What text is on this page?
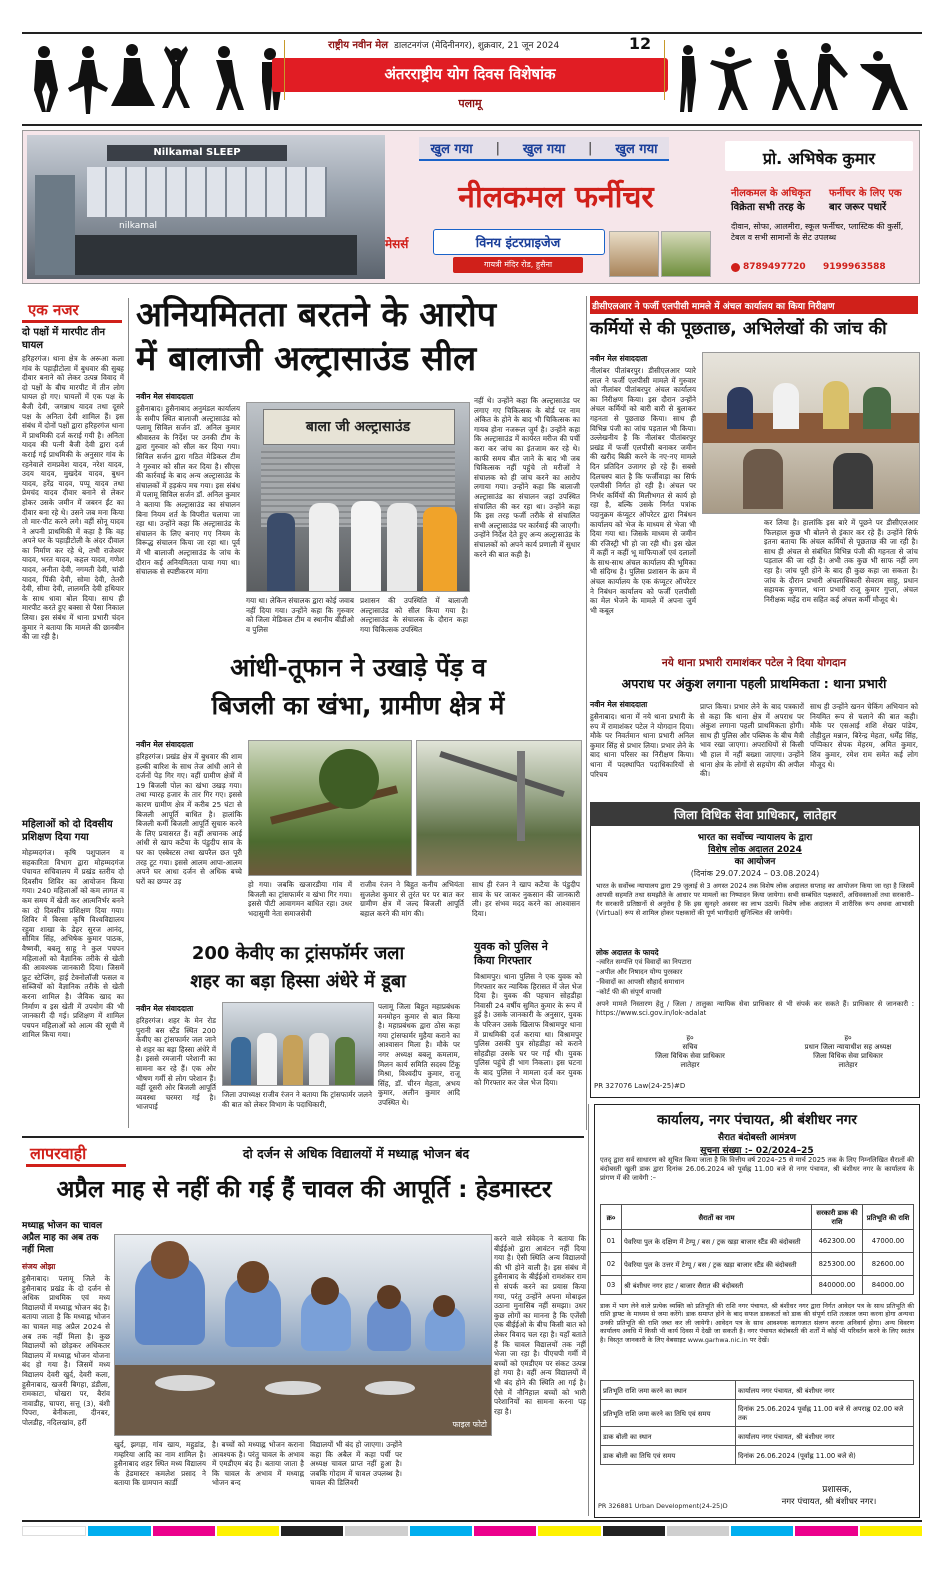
राष्ट्रीय नवीन मेल डालटनगंज (मेदिनीनगर), शुक्रवार, 21 जून 2024	12
अंतरराष्ट्रीय योग दिवस विशेषांक
पलामू
Nilkamal SLEEP
nilkamal
खुल गया | खुल गया | खुल गया
नीलकमल फर्नीचर
मेसर्स	विनय इंटरप्राइजेज
गायत्री मंदिर रोड, हुसैना
प्रो. अभिषेक कुमार
नीलकमल के अधिकृत
विक्रेता सभी तरह के
फर्नीचर के लिए एक
बार जरूर पधारें
दीवान, सोफा, आलमीरा, स्कूल फर्नीचर, प्लास्टिक की कुर्सी, टेबल व सभी सामानों के सेट उपलब्ध
8789497720	9199963588
एक नजर
दो पक्षों में मारपीट तीन घायल
हरिहरगंज। थाना क्षेत्र के अरूआ कला गांव के पहाड़ीटोला में बुधवार की सुबह दीवार बनाने को लेकर उत्पन्न विवाद में दो पक्षों के बीच मारपीट में तीन लोग घायल हो गए। घायलों में एक पक्ष के बैजी देवी, जगन्नाथ यादव तथा दूसरे पक्ष के अनिता देवी शामिल हैं। इस संबंध में दोनों पक्षों द्वारा हरिहरगंज थाना में प्राथमिकी दर्ज कराई गयी है। अनिता यादव की पत्नी बैजी देवी द्वारा दर्ज कराई गई प्राथमिकी के अनुसार गांव के रहनेवाले रामप्रवेश यादव, नरेश यादव, उदय यादव, मुखदेव यादव, बुधन यादव, हरेंद्र यादव, पप्पू यादव तथा प्रेमचंद यादव दीवार बनाने से लेकर होकर उसके जमीन में जबरन ईंट का दीवार बना रहे थे। उसने जब मना किया तो मार-पीट करने लगे। वहीं सोनू यादव ने अपनी प्राथमिकी में कहा है कि वह अपने घर के पहाड़ीटोली के अंदर दीवाल का निर्माण कर रहे थे, तभी राजेश्वर यादव, भरत यादव, कहल यादव, गणेश यादव, अनीता देवी, नगमती देवी, चांदी यादव, पिंकी देवी, सोमा देवी, तेतरी देवी, सीमा देवी, लालमति देवी हथियार के साथ धावा बोल दिया। साथ ही मारपीट करते हुए बक्सा से पैसा निकाल लिया। इस संबंध में थाना प्रभारी चंदन कुमार ने बताया कि मामले की छानबीन की जा रही है।
महिलाओं को दो दिवसीय प्रशिक्षण दिया गया
मोहम्मदगंज। कृषि पशुपालन व सहकारिता विभाग द्वारा मोहम्मदगंज पंचायत सचिवालय में प्रखंड स्तरीय दो दिवसीय शिविर का आयोजन किया गया। 240 महिलाओं को कम लागत व कम समय में खेती कर आत्मनिर्भर बनने का दो दिवसीय प्रशिक्षण दिया गया। शिविर में बिरसा कृषि विश्वविद्यालय रहुवा शाखा के डेहर सुरज आनंद, सौमित्र सिंह, अभिषेक कुमार पाठक, वैष्णवी, बबलू साहू ने कुल पचपन महिलाओं को वैज्ञानिक तरीके से खेती की आवश्यक जानकारी दिया। जिसमें फ्रूट स्टेप्लिंग, हाई टेक्नोलॉजी फसल व सब्जियों को वैज्ञानिक तरीके से खेती करना शामिल है। जैविक खाद का निर्माण व इस खेती में उपयोग की भी जानकारी दी गई। प्रशिक्षण में शामिल पचपन महिलाओं को आत्म की सूची में शामिल किया गया।
अनियमितता बरतने के आरोप
में बालाजी अल्ट्रासाउंड सील
नवीन मेल संवाददाता
हुसैनाबाद। हुसैनाबाद अनुमंडल कार्यालय के समीप स्थित बालाजी अल्ट्रासाउंड को पलामू सिविल सर्जन डॉ. अनिल कुमार श्रीवास्तव के निर्देश पर उनकी टीम के द्वारा गुरुवार को सील कर दिया गया। सिविल सर्जन द्वारा गठित मेडिकल टीम ने गुरुवार को सील कर दिया है। सीएस की कार्रवाई के बाद अन्य अल्ट्रासाउंड के संचालकों में हड़कंप मच गया। इस संबंध में पलामू सिविल सर्जन डॉ. अनिल कुमार ने बताया कि अल्ट्रासाउंड का संचालन बिना नियम शर्त के विपरीत चलाया जा रहा था। उन्होंने कहा कि अल्ट्रासाउंड के संचालन के लिए बनाए गए नियम के विरूद्ध संचालन किया जा रहा था। पूर्व में भी बालाजी अल्ट्रासाउंड के जांच के दौरान कई अनियमितता पाया गया था। संचालक से स्पष्टीकरण मांगा
बाला जी अल्ट्रासाउंड
गया था। लेकिन संचालक द्वारा कोई जवाब नहीं दिया गया। उन्होंने कहा कि गुरुवार को जिला मेडिकल टीम व स्थानीय बीडीओ व पुलिस
प्रशासन की उपस्थिति में बालाजी अल्ट्रासाउंड को सील किया गया है। अल्ट्रासाउंड के संचालक के दौरान कहा गया चिकित्सक उपस्थित
नहीं थे। उन्होंने कहा कि अल्ट्रासाउंड पर लगाए गए चिकित्सक के बोर्ड पर नाम अंकित के होने के बाद भी चिकित्सक का गायब होना नजरूल जुर्म है। उन्होंने कहा कि अल्ट्रासाउंड में कार्यरत मरीज की पर्ची करा कर जांच का इंतजाम कर रहे थे। काफी समय बीत जाने के बाद भी जब चिकित्सक नहीं पहुंचे तो मरीजों ने संचालक को ही जांच करने का आरोप लगाया गया। उन्होंने कहा कि बालाजी अल्ट्रासाउंड का संचालन जहां उपस्थित संचालित की कर रहा था। उन्होंने कहा कि इस तरह फर्जी तरीके से संचालित सभी अल्ट्रासाउंड पर कार्रवाई की जाएगी। उन्होंने निर्देश देते हुए अन्य अल्ट्रासाउंड के संचालकों को अपने कार्य प्रणाली में सुधार करने की बात कही है।
डीसीएलआर ने फर्जी एलपीसी मामले में अंचल कार्यालय का किया निरीक्षण
कर्मियों से की पूछताछ, अभिलेखों की जांच की
नवीन मेल संवाददाता
नीलांबर पीतांबरपुर। डीसीएलआर प्यारे लाल ने फर्जी एलपीसी मामले में गुरुवार को नीलांबर पीतांबरपुर अंचल कार्यालय का निरीक्षण किया। इस दौरान उन्होंने अंचल कर्मियों को बारी बारी से बुलाकर गहनता से पूछताछ किया। साथ ही विभिन्न पंजी का जांच पड़ताल भी किया। उल्लेखनीय है कि नीलांबर पीतांबरपुर प्रखंड में फर्जी एलपीसी बनाकर जमीन की खरीद बिक्री करने के नए-नए मामले दिन प्रतिदिन उजागर हो रहे हैं। सबसे दिलचस्प बात है कि फर्जीवाड़ा का सिर्फ एलपीसी निर्गत हो रही है। अंचल पर निर्भर कर्मियों की मिलीभगत से कार्य हो रहा है, बल्कि उसके निर्गत पत्रांक पदानुक्रम कंप्यूटर ऑपरेटर द्वारा निबंधन कार्यालय को भेज के माध्यम से भेजा भी दिया गया था। जिसके माध्यम से जमीन की रजिस्ट्री भी हो जा रही थी। इस खेल में कहीं न कहीं भू माफियाओं एवं दलालों के साथ-साथ अंचल कार्यालय की भूमिका भी संदिग्ध है। पुलिस प्रशासन के क्रम में अंचल कार्यालय के एक कंप्यूटर ऑपरेटर ने निबंधन कार्यालय को फर्जी एलपीसी का मेल भेजने के मामले में अपना जुर्म भी कबूल
कर लिया है। हालांकि इस बारे में पूछने पर डीसीएलआर फिलहाल कुछ भी बोलने से इंकार कर रहे हैं। उन्होंने सिर्फ इतना बताया कि अंचल कर्मियों से पूछताछ की जा रही है। साथ ही अंचल से संबंधित विभिन्न पंजी की गहनता से जांच पड़ताल की जा रही है। अभी तक कुछ भी साफ नहीं लग रहा है। जांच पूरी होने के बाद ही कुछ कहा जा सकता है। जांच के दौरान प्रभारी अंचलाधिकारी सेवराम साहू, प्रधान सहायक कुणाल, थाना प्रभारी राजू कुमार गुप्ता, अंचल निरीक्षक महेंद्र राम सहित कई अंचल कर्मी मौजूद थे।
नये थाना प्रभारी रामाशंकर पटेल ने दिया योगदान
अपराध पर अंकुश लगाना पहली प्राथमिकता : थाना प्रभारी
नवीन मेल संवाददाता
हुसैनाबाद। थाना में नये थाना प्रभारी के रुप में रामाशंकर पटेल ने योगदान दिया। मौके पर निवर्तमान थाना प्रभारी अनिल कुमार सिंह से प्रभार लिया। प्रभार लेने के बाद थाना परिसर का निरीक्षण किया। थाना में पदस्थापित पदाधिकारियों से परिचय
प्राप्त किया। प्रभार लेने के बाद पत्रकारों से कहा कि थाना क्षेत्र में अपराध पर अंकुश लगाना पहली प्राथमिकता होगी। साथ ही पुलिस और पब्लिक के बीच मैत्री भाव रखा जाएगा। अपराधियों से किसी भी हाल में नहीं बख्शा जाएगा। उन्होंने थाना क्षेत्र के लोगों से सहयोग की अपील की।
साथ ही उन्होंने खनन चेकिंग अभियान को नियमित रूप से चलाने की बात कही। मौके पर एसआई शशि शेखर पांडेय, तौहीदुल मन्नान, बिरेन्द्र मेहता, धर्मेंद्र सिंह, पप्पिकार सेपक मेहरम, अमित कुमार, शिव कुमार, रमेश राम समेत कई लोग मौजूद थे।
आंधी-तूफान ने उखाड़े पेंड़ व
बिजली का खंभा, ग्रामीण क्षेत्र में
नवीन मेल संवाददाता
हरिहरगंज। प्रखंड क्षेत्र में बुधवार की शाम हल्की बारिश के साथ तेज आंधी आने से दर्जनों पेड़ गिर गए। वहीं ग्रामीण क्षेत्रों में 19 बिजली पोल का खंभा उखड़ गया। तथा ग्यारह हजार के तार गिर गए। इससे कारण ग्रामीण क्षेत्र में करीब 25 घंटा से बिजली आपूर्ति बाधित है। हालांकि बिजली कर्मी बिजली आपूर्ति सुचारु करने के लिए प्रयासरत हैं। वहीं अचानक आई आंधी से खाप कटैया के पंडुदीप साव के घर का एस्बेस्टस तथा खपरैल छत पूरी तरह टूट गया। इससे आलम आपा-आलम अपने घर आधा दर्जन से अधिक बच्चे घरों का छप्पर उड़	हो गया। जबकि खजारडीया गांव में बिजली का ट्रांसफार्मर व खंभा गिर गया। इससे पीटी आवागमन बाधित रहा। उधर भदासुमी नेता समाजसेवी
राजीव रंजन ने बिहुत कनीय अभियंता सुजलेश कुमार से तुरंत घर पर बात कर ग्रामीण क्षेत्र में जल्द बिजली आपूर्ति बहाल करने की मांग की।
साथ ही रंजन ने खाप कटैया के पंडुदीप साव के घर जाकर नुकसान की जानकारी ली। हर संभव मदद करने का आश्वासन दिया।
200 केवीए का ट्रांसफॉर्मर जला
शहर का बड़ा हिस्सा अंधेरे में डूबा
नवीन मेल संवाददाता
हरिहरगंज। शहर के मेन रोड पुरानी बस स्टैंड स्थित 200 केवीए का ट्रांसफार्मर जल जाने से शहर का बड़ा हिस्सा अंधेरे में है। इससे रमजानी परेशानी का सामना कर रहे हैं। एक ओर भीषण गर्मी से लोग परेशान हैं। वहीं दूसरी ओर बिजली आपूर्ति व्यवस्था चरमरा गई है। भाजपाई
जिला उपाध्यक्ष राजीव रंजन ने बताया कि ट्रांसफार्मर जलने की बात को लेकर विभाग के पदाधिकारी,
पलामू जिला बिहुत महाप्रबंधक मनमोहन कुमार से बात किया है। महाप्रबंधक द्वारा ठोस कहा गया ट्रांसफार्मर मुहैया कराने का आश्वासन मिला है। मौके पर नगर अध्यक्ष बबलू कमलाम, मिलन कार्य समिति सदस्य टिंकू मिश्रा, विश्वदीप कुमार, राजू सिंह, डॉ. चीरन मेहता, अभय कुमार, अलीन कुमार आदि उपस्थित थे।
युवक को पुलिस ने
किया गिरफ्तार
विश्रामपुर। थाना पुलिस ने एक युवक को गिरफ्तार कर न्यायिक हिरासत में जेल भेज दिया है। युवक की पहचान सोहडीहा निवासी 24 वर्षीय सुमित कुमार के रूप में हुई है। उसके जानकारी के अनुसार, युवक के परिजन उसके खिलाफ विश्रामपुर थाना में प्राथमिकी दर्ज कराया था। विश्रामपुर पुलिस उसकी पुत्र सोहडीहा को कराने सोहडीहा उसके घर पर गई थी। युवक पुलिस पहुंचे ही भाग निकला। इस घटना के बाद पुलिस ने मामला दर्ज कर युवक को गिरफ्तार कर जेल भेज दिया।
जिला विधिक सेवा प्राधिकार, लातेहार
भारत का सर्वोच्च न्यायालय के द्वारा
विशेष लोक अदालत 2024
का आयोजन
(दिनांक 29.07.2024 – 03.08.2024)
भारत के सर्वोच्च न्यायालय द्वारा 29 जुलाई से 3 अगस्त 2024 तक विशेष लोक अदालत सप्ताह का आयोजन किया जा रहा है जिसमें आपसी सहमति तथा समझौते के आधार पर मामलों का निष्पादन किया जायेगा। सभी सम्बंधित पक्षकारों, अधिवक्ताओं तथा सरकारी–गैर सरकारी प्रतिष्ठानों से अनुरोध है कि इस सुनहरे अवसर का लाभ उठायें। विशेष लोक अदालत में शारीरिक रूप अथवा आभासी (Virtual) रूप से शामिल होकर पक्षकारों की पूर्ण भागीदारी सुनिश्चित की जायेगी।
लोक अदालत के फायदे
–त्वरित सम्पत्ति एवं विवादों का निपटारा
–अपील और निषादन योग्य पुरस्कार
–विवादों का आपसी सौहार्द समाधान
–कोर्ट फी की संपूर्ण वापसी
अपने मामले निस्तारण हेतु / जिला / तालुका न्यायिक सेवा प्राधिकार से भी संपर्क कर सकते हैं। प्राधिकार से जानकारी : https://www.sci.gov.in/lok-adalat
ह०
सचिव
जिला विधिक सेवा प्राधिकार
लातेहार
ह०
प्रधान जिला न्यायाधीश सह अध्यक्ष
जिला विधिक सेवा प्राधिकार
लातेहार
PR 327076 Law(24-25)#D
लापरवाही	दो दर्जन से अधिक विद्यालयों में मध्याह्न भोजन बंद
अप्रैल माह से नहीं की गई हैं चावल की आपूर्ति : हेडमास्टर
मध्याह्न भोजन का चावल अप्रैल माह का अब तक नहीं मिला
संजय ओझा
हुसैनाबाद। पलामू जिले के हुसैनाबाद प्रखंड के दो दर्जन से अधिक प्राथमिक एवं मध्य विद्यालयों में मध्याह्न भोजन बंद है। बताया जाता है कि मध्याह्न भोजन का चावल माह अप्रैल 2024 से अब तक नहीं मिला है। कुछ विद्यालयों को छोड़कर अधिकतर विद्यालय में मध्याह्न भोजन योजना बंद हो गया है। जिसमें मध्य विद्यालय देवरी खुर्द, देवरी कला, हुसैनाबाद, खजरी बिगहा, डंडीला, रामकाटा, घोखरा पर, बैरांव नावाडीह, चापरा, सत्तू (3), बंशी पिपरा, बेनीकला, दीनबर, पोलडीह, नदिलखांव, हर्री	फाइल फोटो
खुर्द, झगड़ा, गांव खाय, महुडांड, गम्हरिया आदि का नाम शामिल है। हुसैनाबाद शहर स्थित मध्य विद्यालय के हेडमास्टर कमलेश प्रसाद ने बताया कि ग्रामपान कार्डी
है। बच्चों को मध्याह्न भोजन कराना आवश्यक है। परंतु चावल के अभाव में एमडीएम बंद है। बताया जाता है कि चावल के अभाव में मध्याह्न भोजन बन्द
विद्यालयों भी बंद हो जाएगा। उन्होंने कहा कि अबैल में कहा पर्ची पर अध्यक्ष चावल प्राप्त नहीं हुआ है। जबकि गोदाम में चावल उपलब्ध है। चावल की डिलिवरी
करने वाले संवेदक ने बताया कि बीईईओ द्वारा आवंटन नहीं दिया गया है। ऐसी स्थिति अन्य विद्यालयों की भी होने वाली है। इस संबंध में हुसैनाबाद के बीईईओ रामशंकर राम से संपर्क करने का प्रयास किया गया, परंतु उन्होंने अपना मोबाइल उठाना मुनासिब नहीं समझा। उधर कुछ लोगों का मानना है कि एजेंसी एक बीईईओ के बीच किसी बात को लेकर विवाद चल रहा है। यहाँ बताते हैं कि चावल विद्यालयों तक नहीं भेजा जा रहा है। पीएचपी गर्मी में बच्चों को एमडीएम पर संकट उत्पन्न हो गया है। वहीं अन्य विद्यालयों में भी बंद होने की स्थिति आ गई है। ऐसे में नौनिहाल बच्चों को भारी परेशानियों का सामना करना पड़ रहा है।
कार्यालय, नगर पंचायत, श्री बंशीधर नगर
सैरात बंदोबस्ती आमंत्रण
सूचना संख्या :– 02/2024–25
एतद् द्वारा सर्व साधारण को सूचित किया जाता है कि वित्तीय वर्ष 2024–25 से मार्च 2025 तक के लिए निम्नलिखित सैरातों की बंदोबस्ती खुली डाक द्वारा दिनांक 26.06.2024 को पूर्वाह्न 11.00 बजे से नगर पंचायत, श्री बंशीधर नगर के कार्यालय के प्रांगण में की जायेगी :–
क्र०	सैरातों का नाम	सरकारी डाक की राशि	प्रतिभूति की राशि
01	पेवरिया पुल के दक्षिण में टेम्पू / बस / ट्रक खड़ा बाजार स्टैंड की बंदोबस्ती	462300.00	47000.00
02	पेवरिया पुल के उत्तर में टेम्पू / बस / ट्रक खड़ा बाजार स्टैंड की बंदोबस्ती	825300.00	82600.00
03	श्री बंशीधर नगर हाट / बाजार सैरात की बंदोबस्ती	840000.00	84000.00
डाक में भाग लेने वाले प्रत्येक व्यक्ति को प्रतिभूति की राशि नगर पंचायत, श्री बंशीधर नगर द्वारा निर्गत आवेदन पत्र के साथ प्रतिभूति की राशि ड्राफ्ट के माध्यम से जमा करेंगे। डाक समाप्त होने के बाद सफल डाककर्ता को डाक की संपूर्ण राशि तत्काल जमा करना होगा अन्यथा उनकी प्रतिभूति की राशि जब्त कर ली जायेगी। आवेदन पत्र के साथ आवश्यक कागजात संलग्न करना अनिवार्य होगा। अन्य विवरण कार्यालय अवधि में किसी भी कार्य दिवस में देखी जा सकती है। नगर पंचायत बंदोबस्ती की शर्तों में कोई भी परिवर्तन करने के लिए स्वतंत्र है। विस्तृत जानकारी के लिए वेबसाइट www.garhwa.nic.in पर देखें।
प्रतिभूति राशि जमा करने का स्थान	कार्यालय नगर पंचायत, श्री बंशीधर नगर
प्रतिभूति राशि जमा करने का तिथि एवं समय	दिनांक 25.06.2024 पूर्वाह्न 11.00 बजे से अपराह्न 02.00 बजे तक
डाक बोली का स्थान	कार्यालय नगर पंचायत, श्री बंशीधर नगर
डाक बोली का तिथि एवं समय	दिनांक 26.06.2024 (पूर्वाह्न 11.00 बजे से)
प्रशासक,
नगर पंचायत, श्री बंशीधर नगर।
PR 326881 Urban Development(24-25)D
